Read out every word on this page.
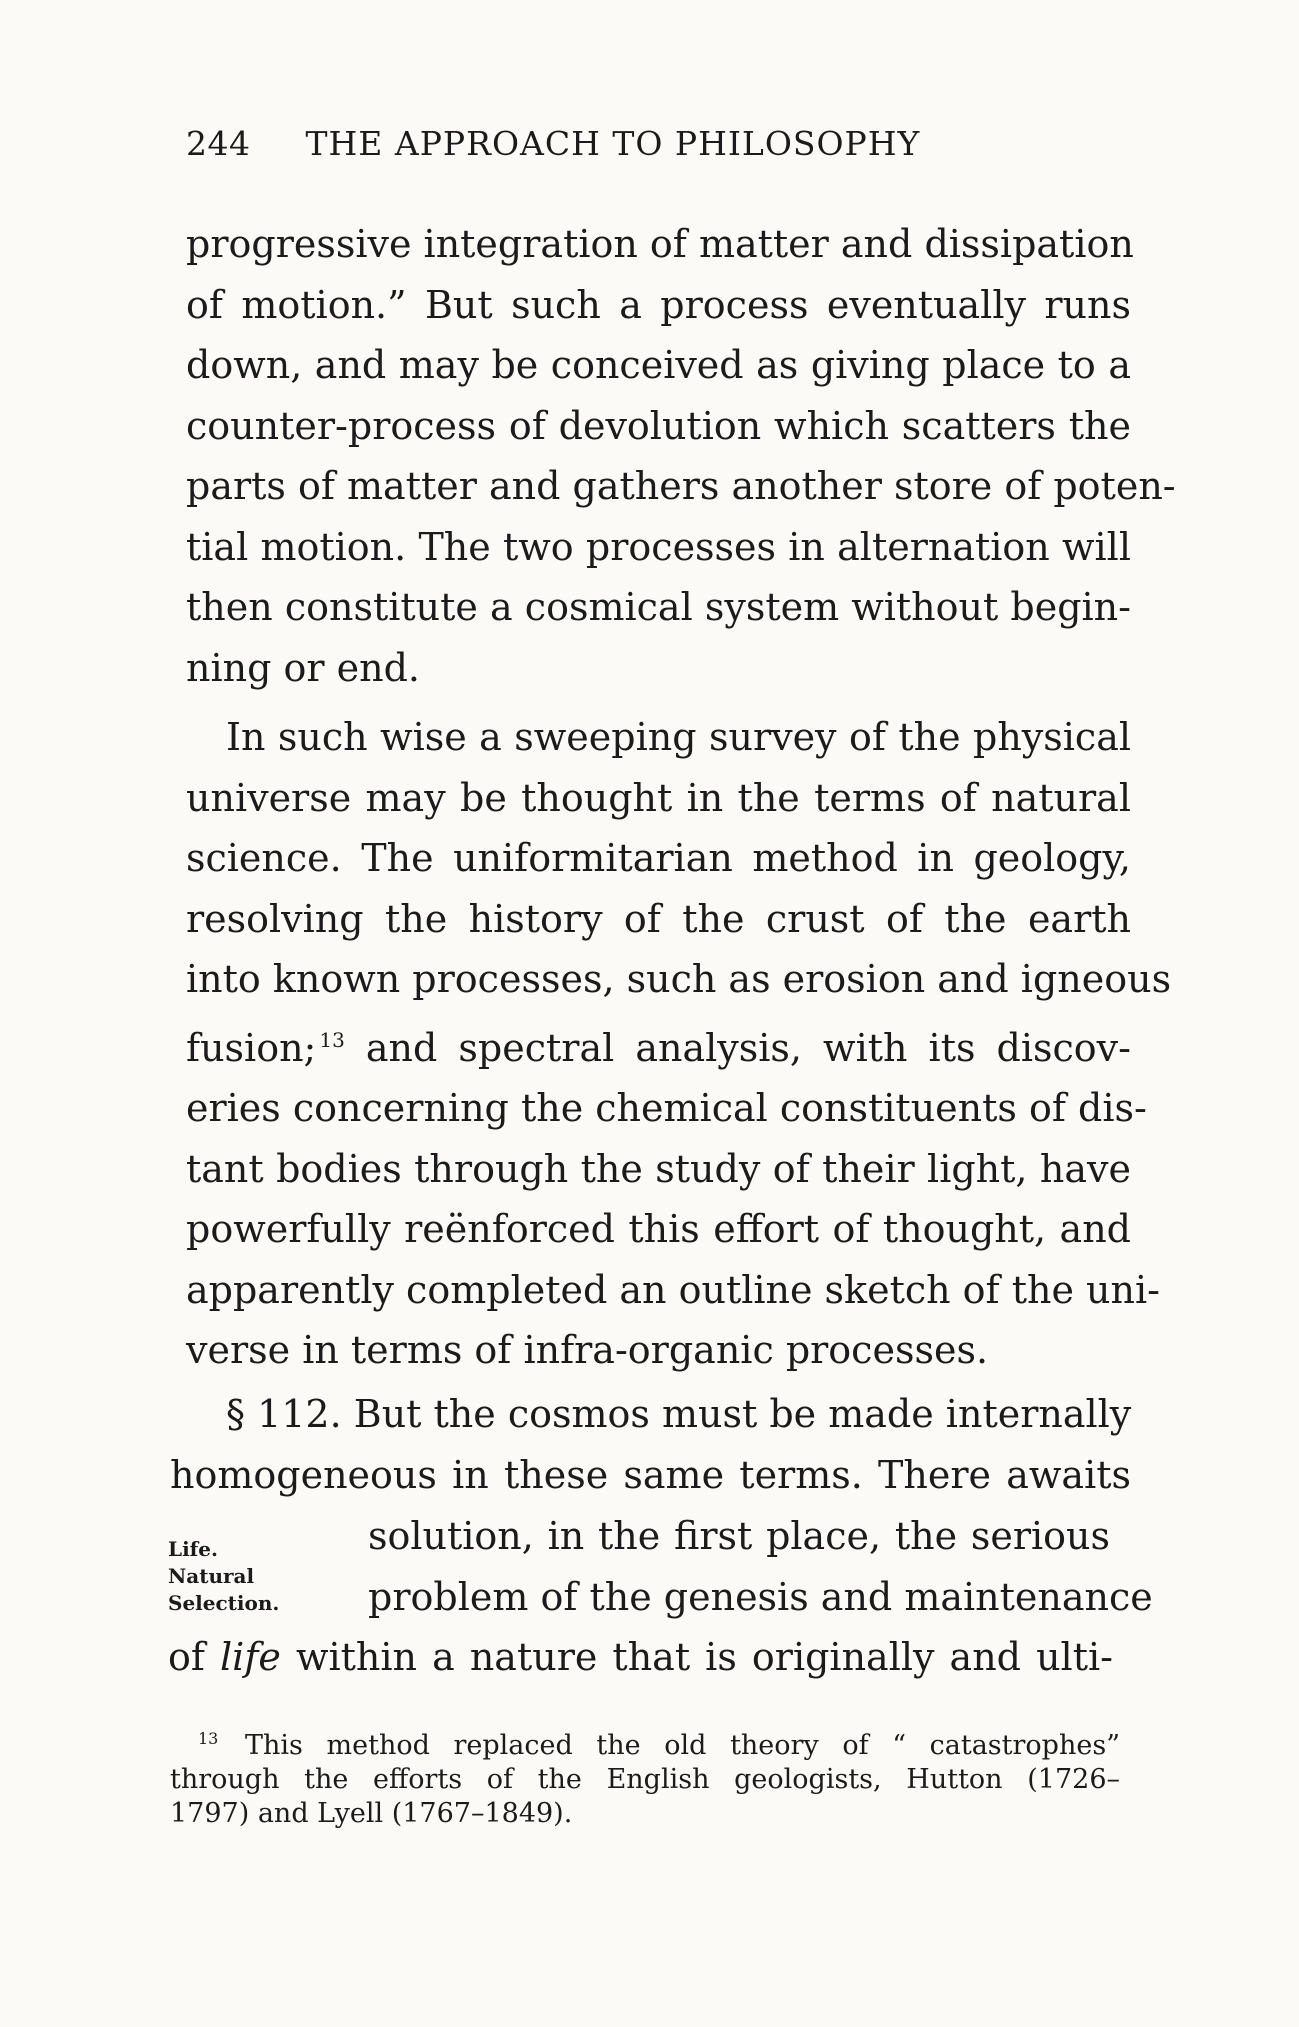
244 THE APPROACH TO PHILOSOPHY
progressive integration of matter and dissipation
of motion.” But such a process eventually runs
down, and may be conceived as giving place to a
counter-process of devolution which scatters the
parts of matter and gathers another store of poten-
tial motion. The two processes in alternation will
then constitute a cosmical system without begin-
ning or end.
In such wise a sweeping survey of the physical
universe may be thought in the terms of natural
science. The uniformitarian method in geology,
resolving the history of the crust of the earth
into known processes, such as erosion and igneous
fusion; $^{13}$ and spectral analysis, with its discov-
eries concerning the chemical constituents of dis-
tant bodies through the study of their light, have
powerfully reënforced this effort of thought, and
apparently completed an outline sketch of the uni-
verse in terms of infra-organic processes.
§ 112. But the cosmos must be made internally
homogeneous in these same terms. There awaits
Life.
Natural
Selection.
solution, in the first place, the serious
problem of the genesis and maintenance
of life within a nature that is originally and ulti-
$^{13}$ This method replaced the old theory of “ catastrophes”
through the efforts of the English geologists, Hutton (1726–
1797) and Lyell (1767–1849).
